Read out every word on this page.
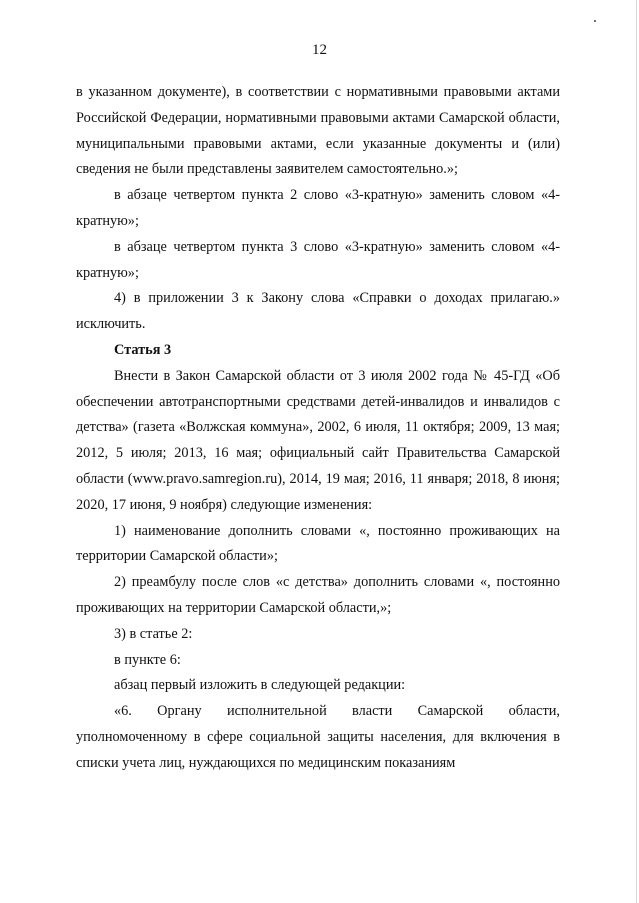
12

в указанном документе), в соответствии с нормативными правовыми актами Российской Федерации, нормативными правовыми актами Самарской области, муниципальными правовыми актами, если указанные документы и (или) сведения не были представлены заявителем самостоятельно.»;

в абзаце четвертом пункта 2 слово «3-кратную» заменить словом «4-кратную»;

в абзаце четвертом пункта 3 слово «3-кратную» заменить словом «4-кратную»;

4) в приложении 3 к Закону слова «Справки о доходах прилагаю.» исключить.

Статья 3

Внести в Закон Самарской области от 3 июля 2002 года № 45-ГД «Об обеспечении автотранспортными средствами детей-инвалидов и инвалидов с детства» (газета «Волжская коммуна», 2002, 6 июля, 11 октября; 2009, 13 мая; 2012, 5 июля; 2013, 16 мая; официальный сайт Правительства Самарской области (www.pravo.samregion.ru), 2014, 19 мая; 2016, 11 января; 2018, 8 июня; 2020, 17 июня, 9 ноября) следующие изменения:

1) наименование дополнить словами «, постоянно проживающих на территории Самарской области»;

2) преамбулу после слов «с детства» дополнить словами «, постоянно проживающих на территории Самарской области,»;

3) в статье 2:

в пункте 6:

абзац первый изложить в следующей редакции:

«6. Органу исполнительной власти Самарской области, уполномоченному в сфере социальной защиты населения, для включения в списки учета лиц, нуждающихся по медицинским показаниям
